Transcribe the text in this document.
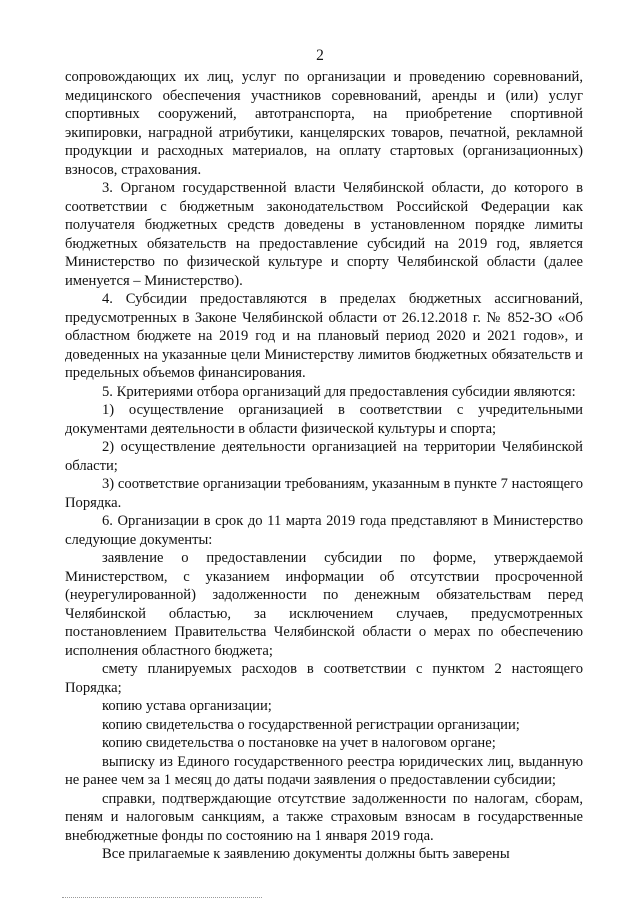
2

сопровождающих их лиц, услуг по организации и проведению соревнований, медицинского обеспечения участников соревнований, аренды и (или) услуг спортивных сооружений, автотранспорта, на приобретение спортивной экипировки, наградной атрибутики, канцелярских товаров, печатной, рекламной продукции и расходных материалов, на оплату стартовых (организационных) взносов, страхования.

3. Органом государственной власти Челябинской области, до которого в соответствии с бюджетным законодательством Российской Федерации как получателя бюджетных средств доведены в установленном порядке лимиты бюджетных обязательств на предоставление субсидий на 2019 год, является Министерство по физической культуре и спорту Челябинской области (далее именуется – Министерство).

4. Субсидии предоставляются в пределах бюджетных ассигнований, предусмотренных в Законе Челябинской области от 26.12.2018 г. № 852-ЗО «Об областном бюджете на 2019 год и на плановый период 2020 и 2021 годов», и доведенных на указанные цели Министерству лимитов бюджетных обязательств и предельных объемов финансирования.

5. Критериями отбора организаций для предоставления субсидии являются:

1) осуществление организацией в соответствии с учредительными документами деятельности в области физической культуры и спорта;

2) осуществление деятельности организацией на территории Челябинской области;

3) соответствие организации требованиям, указанным в пункте 7 настоящего Порядка.

6. Организации в срок до 11 марта 2019 года представляют в Министерство следующие документы:

заявление о предоставлении субсидии по форме, утверждаемой Министерством, с указанием информации об отсутствии просроченной (неурегулированной) задолженности по денежным обязательствам перед Челябинской областью, за исключением случаев, предусмотренных постановлением Правительства Челябинской области о мерах по обеспечению исполнения областного бюджета;

смету планируемых расходов в соответствии с пунктом 2 настоящего Порядка;

копию устава организации;

копию свидетельства о государственной регистрации организации;

копию свидетельства о постановке на учет в налоговом органе;

выписку из Единого государственного реестра юридических лиц, выданную не ранее чем за 1 месяц до даты подачи заявления о предоставлении субсидии;

справки, подтверждающие отсутствие задолженности по налогам, сборам, пеням и налоговым санкциям, а также страховым взносам в государственные внебюджетные фонды по состоянию на 1 января 2019 года.

Все прилагаемые к заявлению документы должны быть заверены
